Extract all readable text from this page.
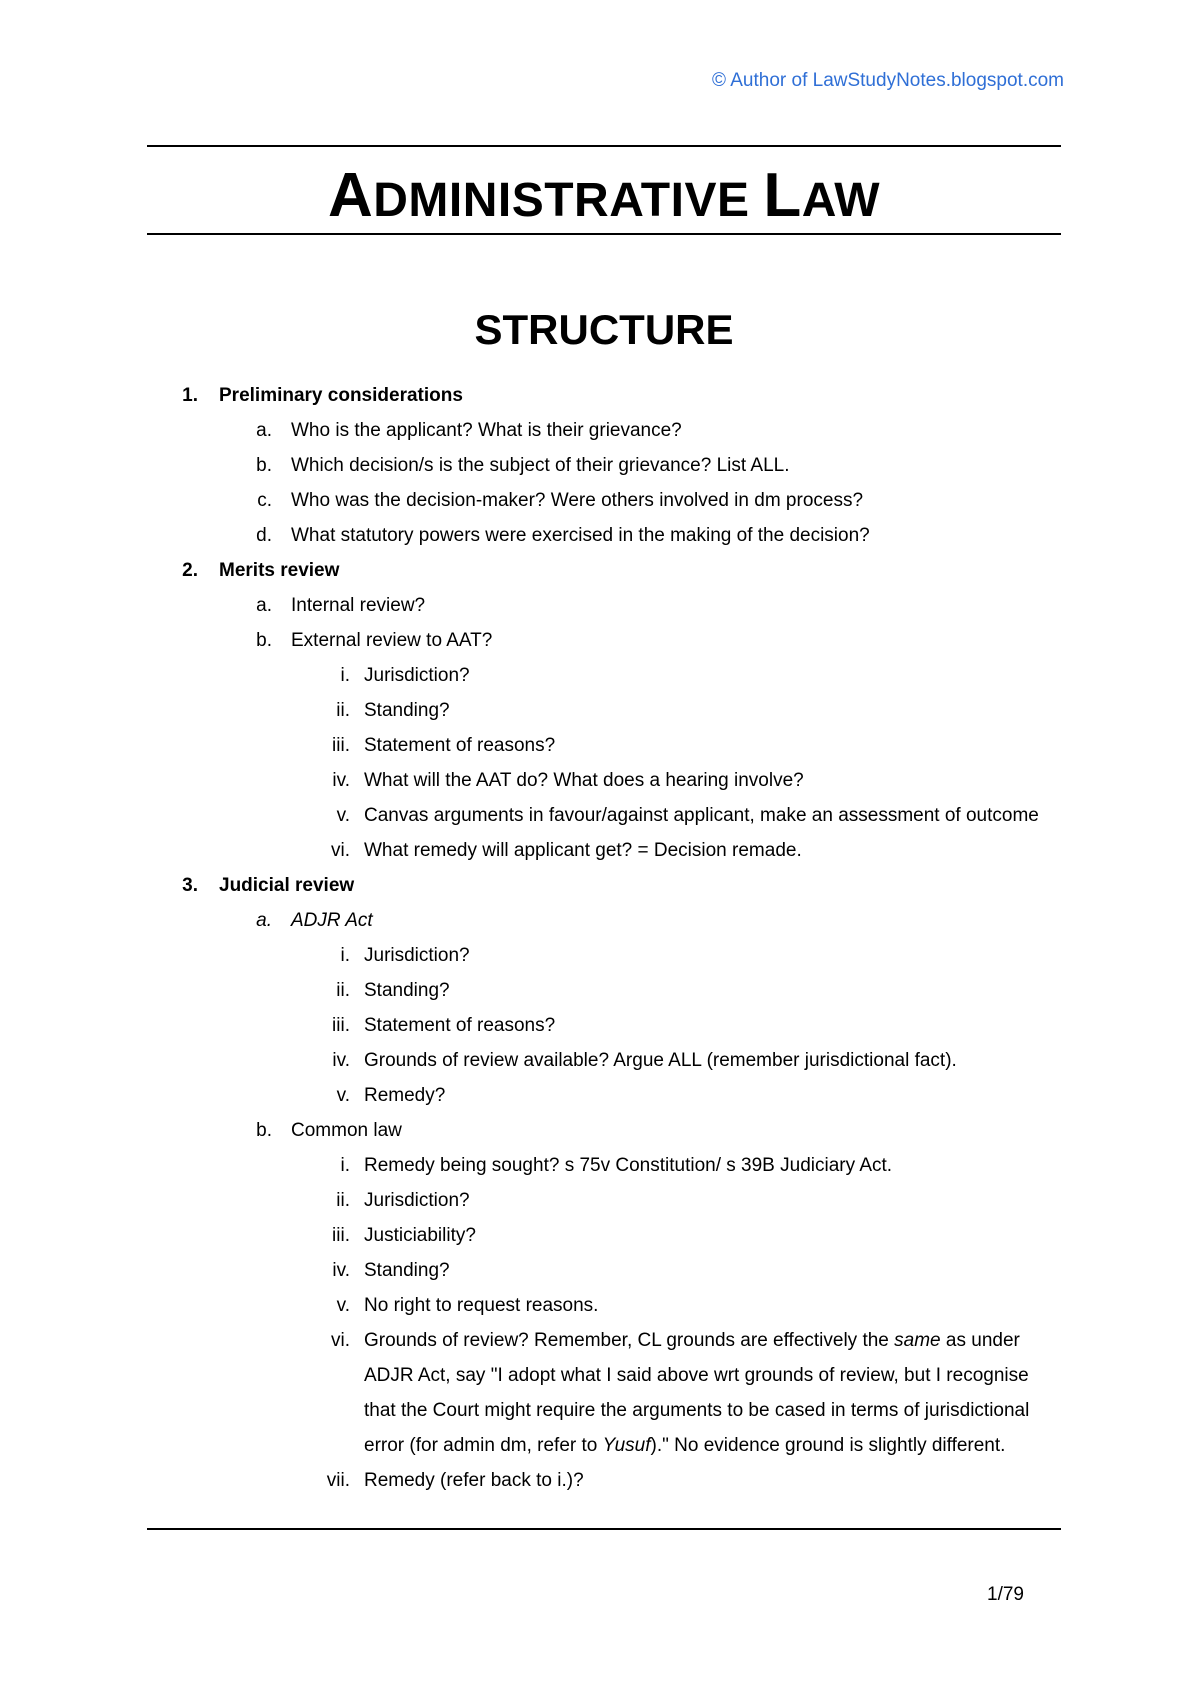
© Author of LawStudyNotes.blogspot.com
ADMINISTRATIVE LAW
STRUCTURE
1. Preliminary considerations
a. Who is the applicant? What is their grievance?
b. Which decision/s is the subject of their grievance? List ALL.
c. Who was the decision-maker? Were others involved in dm process?
d. What statutory powers were exercised in the making of the decision?
2. Merits review
a. Internal review?
b. External review to AAT?
i. Jurisdiction?
ii. Standing?
iii. Statement of reasons?
iv. What will the AAT do? What does a hearing involve?
v. Canvas arguments in favour/against applicant, make an assessment of outcome
vi. What remedy will applicant get? = Decision remade.
3. Judicial review
a. ADJR Act
i. Jurisdiction?
ii. Standing?
iii. Statement of reasons?
iv. Grounds of review available? Argue ALL (remember jurisdictional fact).
v. Remedy?
b. Common law
i. Remedy being sought? s 75v Constitution/ s 39B Judiciary Act.
ii. Jurisdiction?
iii. Justiciability?
iv. Standing?
v. No right to request reasons.
vi. Grounds of review? Remember, CL grounds are effectively the same as under
ADJR Act, say "I adopt what I said above wrt grounds of review, but I recognise
that the Court might require the arguments to be cased in terms of jurisdictional
error (for admin dm, refer to Yusuf)." No evidence ground is slightly different.
vii. Remedy (refer back to i.)?
1/79
